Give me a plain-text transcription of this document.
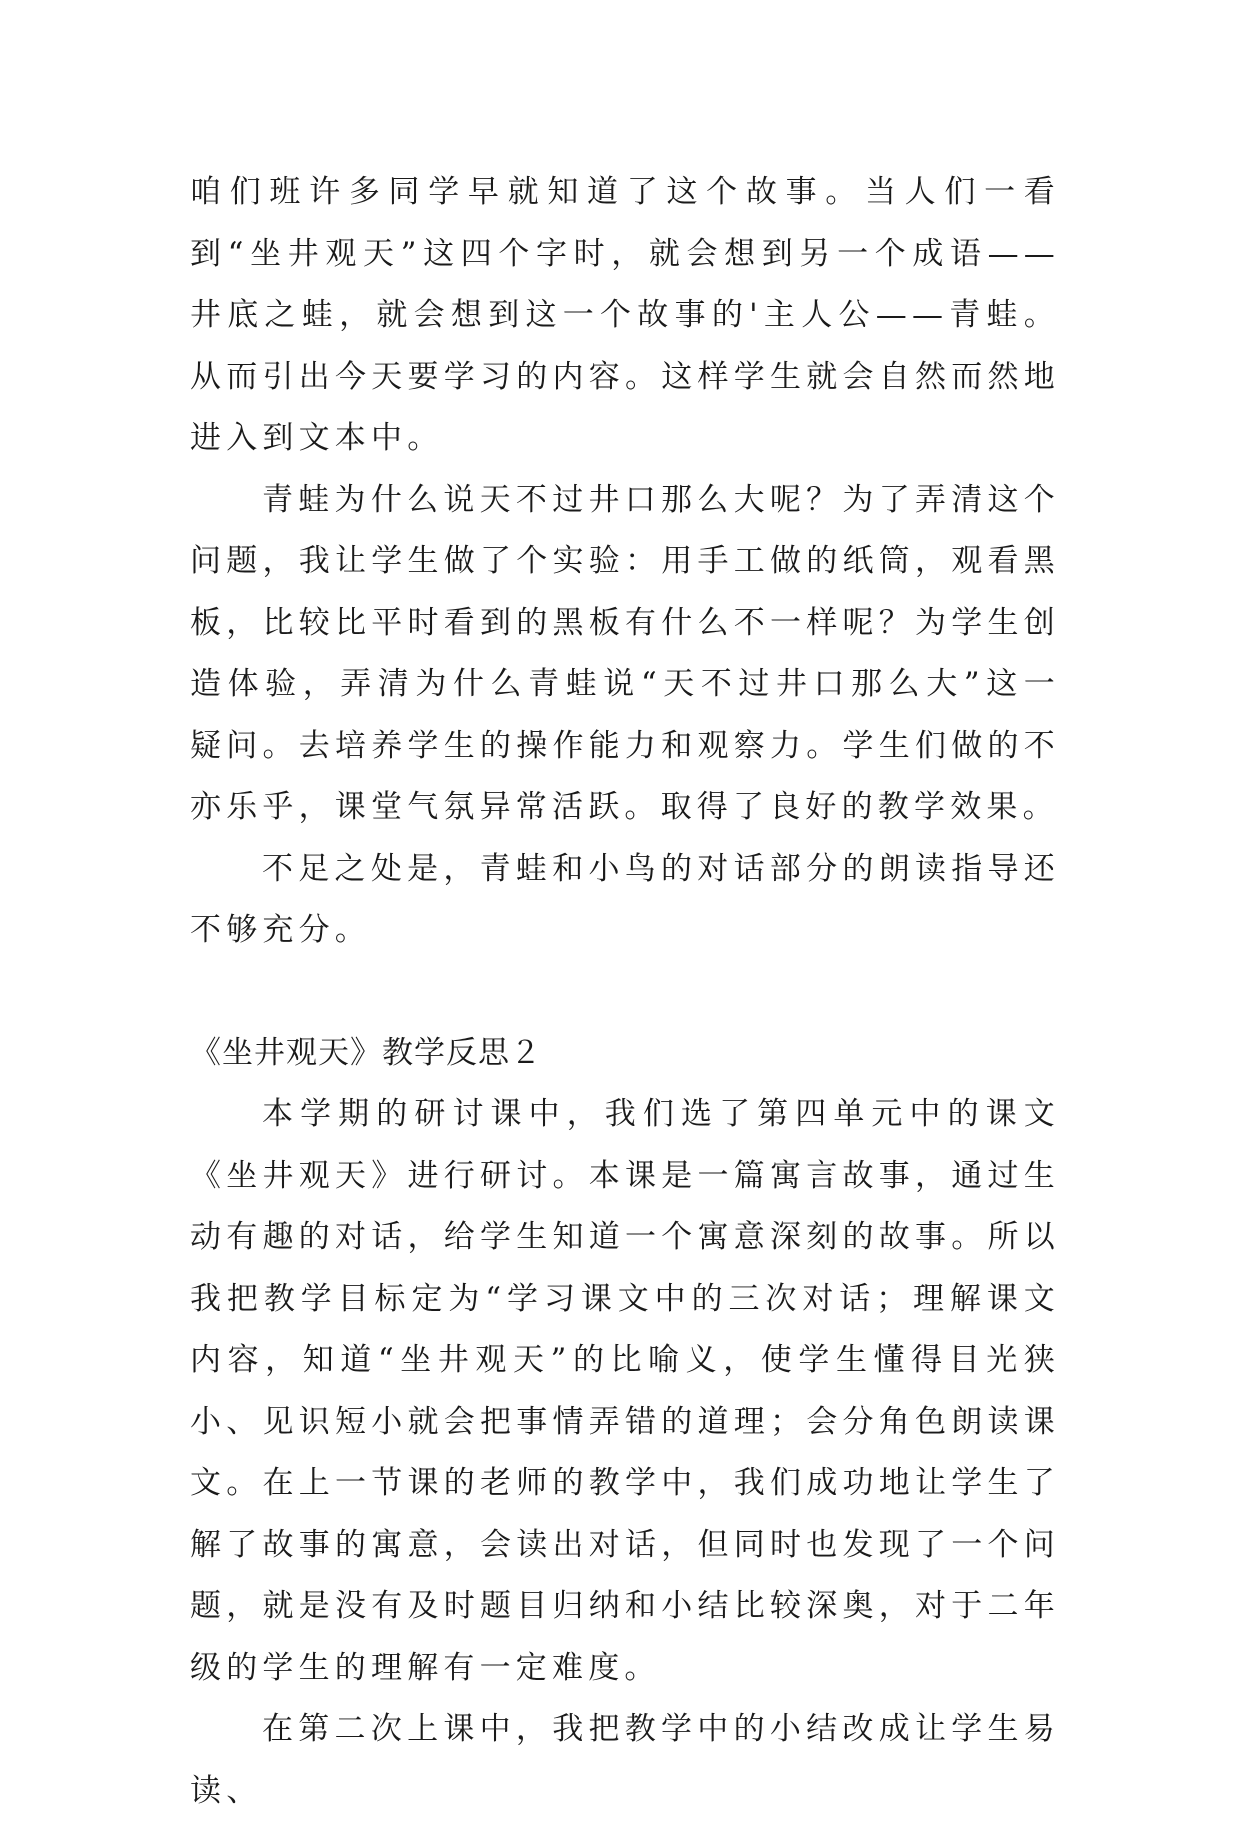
咱们班许多同学早就知道了这个故事。当人们一看到“坐井观天”这四个字时，就会想到另一个成语——井底之蛙，就会想到这一个故事的'主人公——青蛙。从而引出今天要学习的内容。这样学生就会自然而然地进入到文本中。

青蛙为什么说天不过井口那么大呢？为了弄清这个问题，我让学生做了个实验：用手工做的纸筒，观看黑板，比较比平时看到的黑板有什么不一样呢？为学生创造体验，弄清为什么青蛙说“天不过井口那么大”这一疑问。去培养学生的操作能力和观察力。学生们做的不亦乐乎，课堂气氛异常活跃。取得了良好的教学效果。

不足之处是，青蛙和小鸟的对话部分的朗读指导还不够充分。

《坐井观天》教学反思２

本学期的研讨课中，我们选了第四单元中的课文《坐井观天》进行研讨。本课是一篇寓言故事，通过生动有趣的对话，给学生知道一个寓意深刻的故事。所以我把教学目标定为“学习课文中的三次对话；理解课文内容，知道“坐井观天”的比喻义，使学生懂得目光狭小、见识短小就会把事情弄错的道理；会分角色朗读课文。在上一节课的老师的教学中，我们成功地让学生了解了故事的寓意，会读出对话，但同时也发现了一个问题，就是没有及时题目归纳和小结比较深奥，对于二年级的学生的理解有一定难度。

在第二次上课中，我把教学中的小结改成让学生易读、
